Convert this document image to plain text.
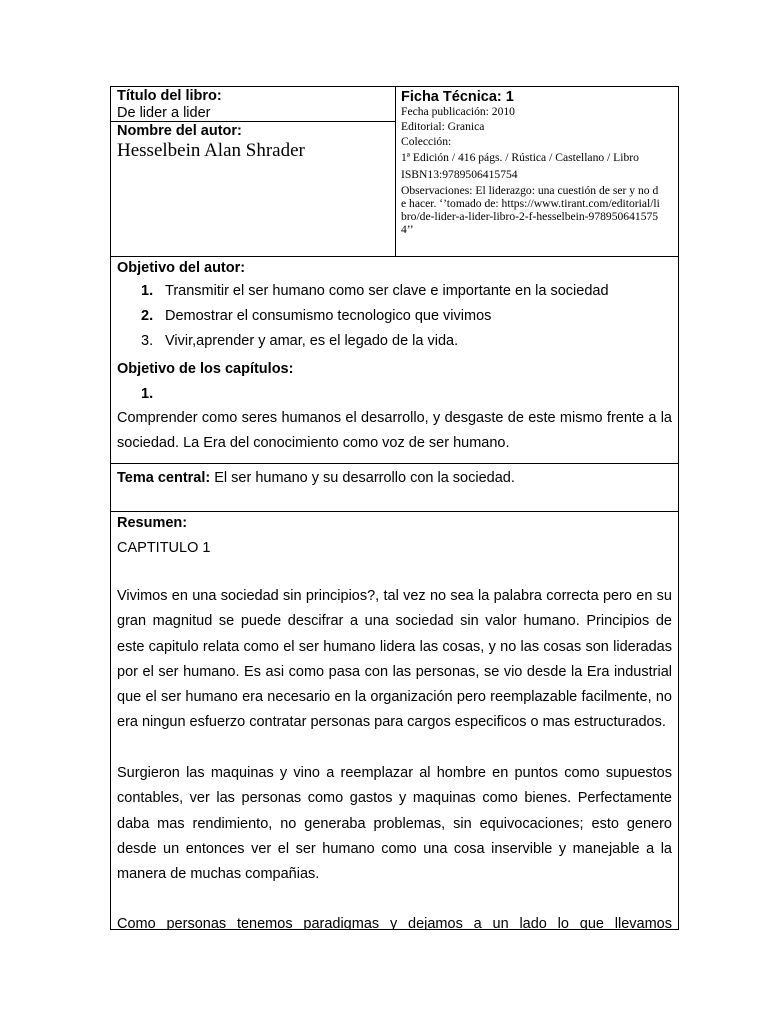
Título del libro:
De lider a lider
Nombre del autor:
Hesselbein Alan Shrader
Ficha Técnica: 1
Fecha publicación: 2010
Editorial: Granica
Colección:
1ª Edición / 416 págs. / Rústica / Castellano / Libro
ISBN13:9789506415754
Observaciones: El liderazgo: una cuestión de ser y no de hacer. ‘’tomado de: https://www.tirant.com/editorial/libro/de-lider-a-lider-libro-2-f-hesselbein-9789506415754’’
Objetivo del autor:
1. Transmitir el ser humano como ser clave e importante en la sociedad
2. Demostrar el consumismo tecnologico que vivimos
3. Vivir,aprender y amar, es el legado de la vida.
Objetivo de los capítulos:
1.

Comprender como seres humanos el desarrollo, y desgaste de este mismo frente a la sociedad. La Era del conocimiento como voz de ser humano.

Tema central: El ser humano y su desarrollo con la sociedad.
Resumen:
CAPTITULO 1

Vivimos en una sociedad sin principios?, tal vez no sea la palabra correcta pero en su gran magnitud se puede descifrar a una sociedad sin valor humano. Principios de este capitulo relata como el ser humano lidera las cosas, y no las cosas son lideradas por el ser humano. Es asi como pasa con las personas, se vio desde la Era industrial que el ser humano era necesario en la organización pero reemplazable facilmente, no era ningun esfuerzo contratar personas para cargos especificos o mas estructurados.

Surgieron las maquinas y vino a reemplazar al hombre en puntos como supuestos contables, ver las personas como gastos y maquinas como bienes. Perfectamente daba mas rendimiento, no generaba problemas, sin equivocaciones; esto genero desde un entonces ver el ser humano como una cosa inservible y manejable a la manera de muchas compañias.

Como personas tenemos paradigmas y dejamos a un lado lo que llevamos
